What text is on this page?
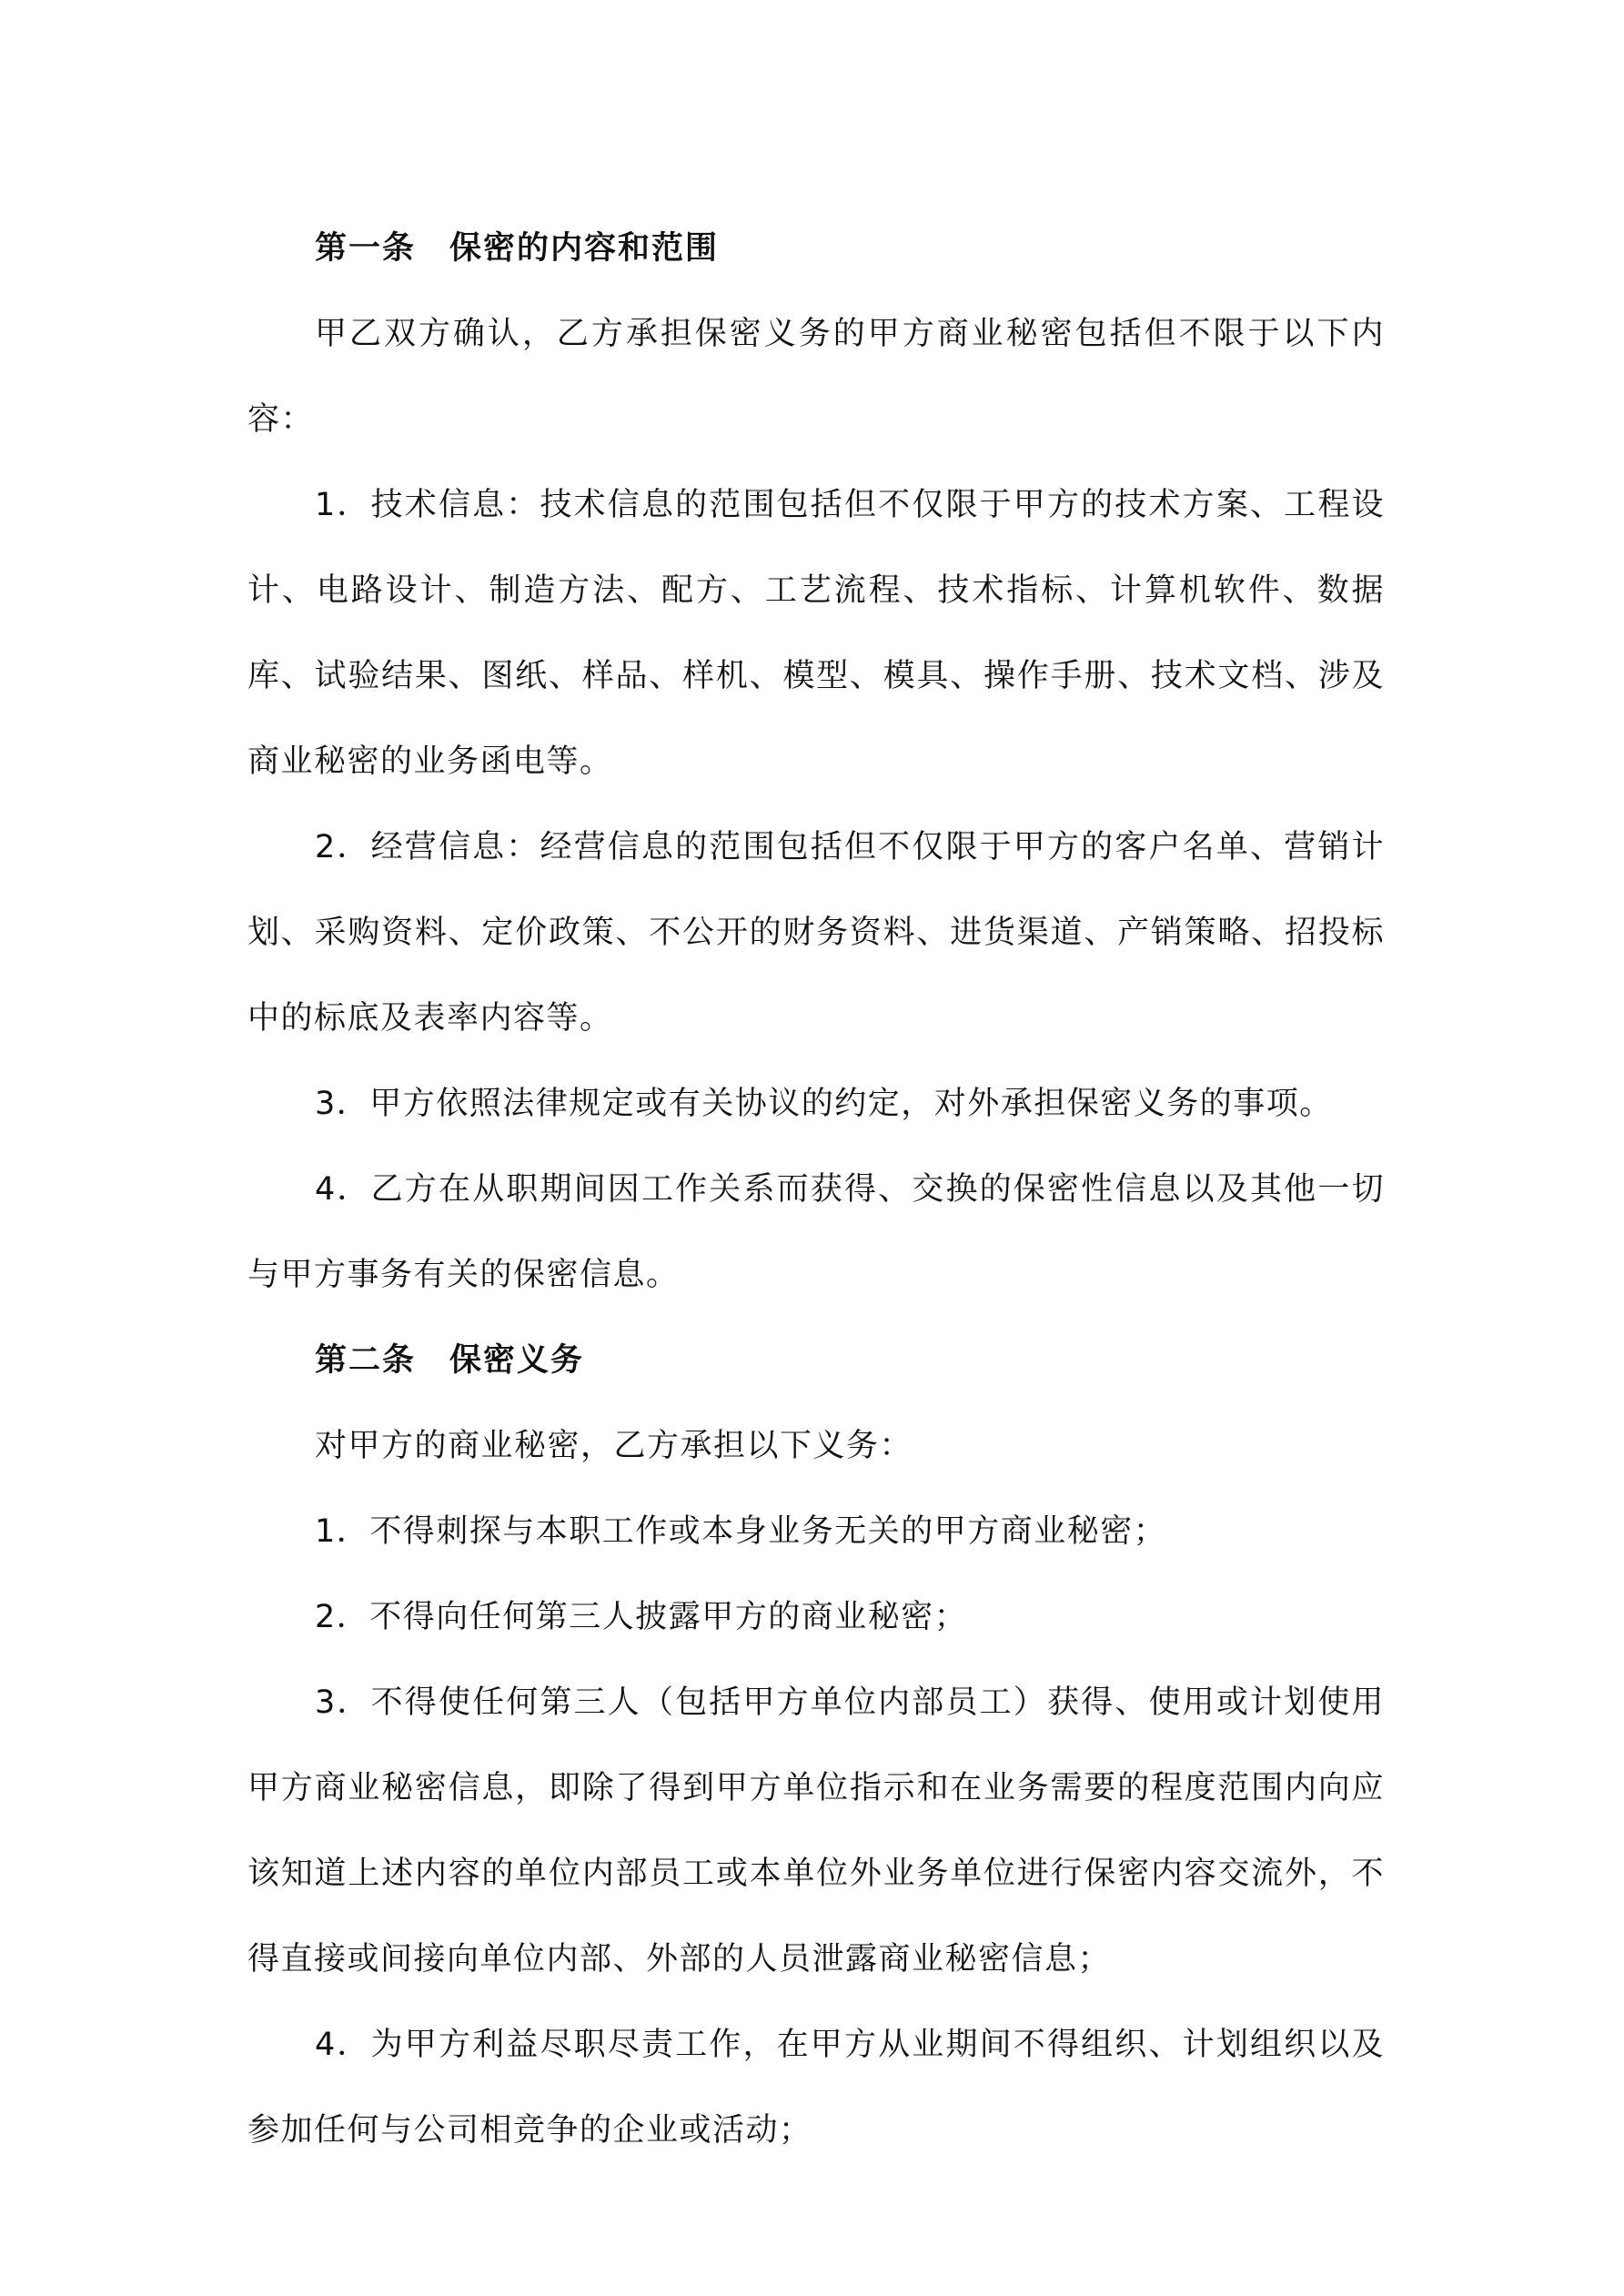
第一条　保密的内容和范围

甲乙双方确认，乙方承担保密义务的甲方商业秘密包括但不限于以下内容：

1．技术信息：技术信息的范围包括但不仅限于甲方的技术方案、工程设计、电路设计、制造方法、配方、工艺流程、技术指标、计算机软件、数据库、试验结果、图纸、样品、样机、模型、模具、操作手册、技术文档、涉及商业秘密的业务函电等。

2．经营信息：经营信息的范围包括但不仅限于甲方的客户名单、营销计划、采购资料、定价政策、不公开的财务资料、进货渠道、产销策略、招投标中的标底及表率内容等。

3．甲方依照法律规定或有关协议的约定，对外承担保密义务的事项。

4．乙方在从职期间因工作关系而获得、交换的保密性信息以及其他一切与甲方事务有关的保密信息。

第二条　保密义务

对甲方的商业秘密，乙方承担以下义务：

1．不得刺探与本职工作或本身业务无关的甲方商业秘密；

2．不得向任何第三人披露甲方的商业秘密；

3．不得使任何第三人（包括甲方单位内部员工）获得、使用或计划使用甲方商业秘密信息，即除了得到甲方单位指示和在业务需要的程度范围内向应该知道上述内容的单位内部员工或本单位外业务单位进行保密内容交流外，不得直接或间接向单位内部、外部的人员泄露商业秘密信息；

4．为甲方利益尽职尽责工作，在甲方从业期间不得组织、计划组织以及参加任何与公司相竞争的企业或活动；
